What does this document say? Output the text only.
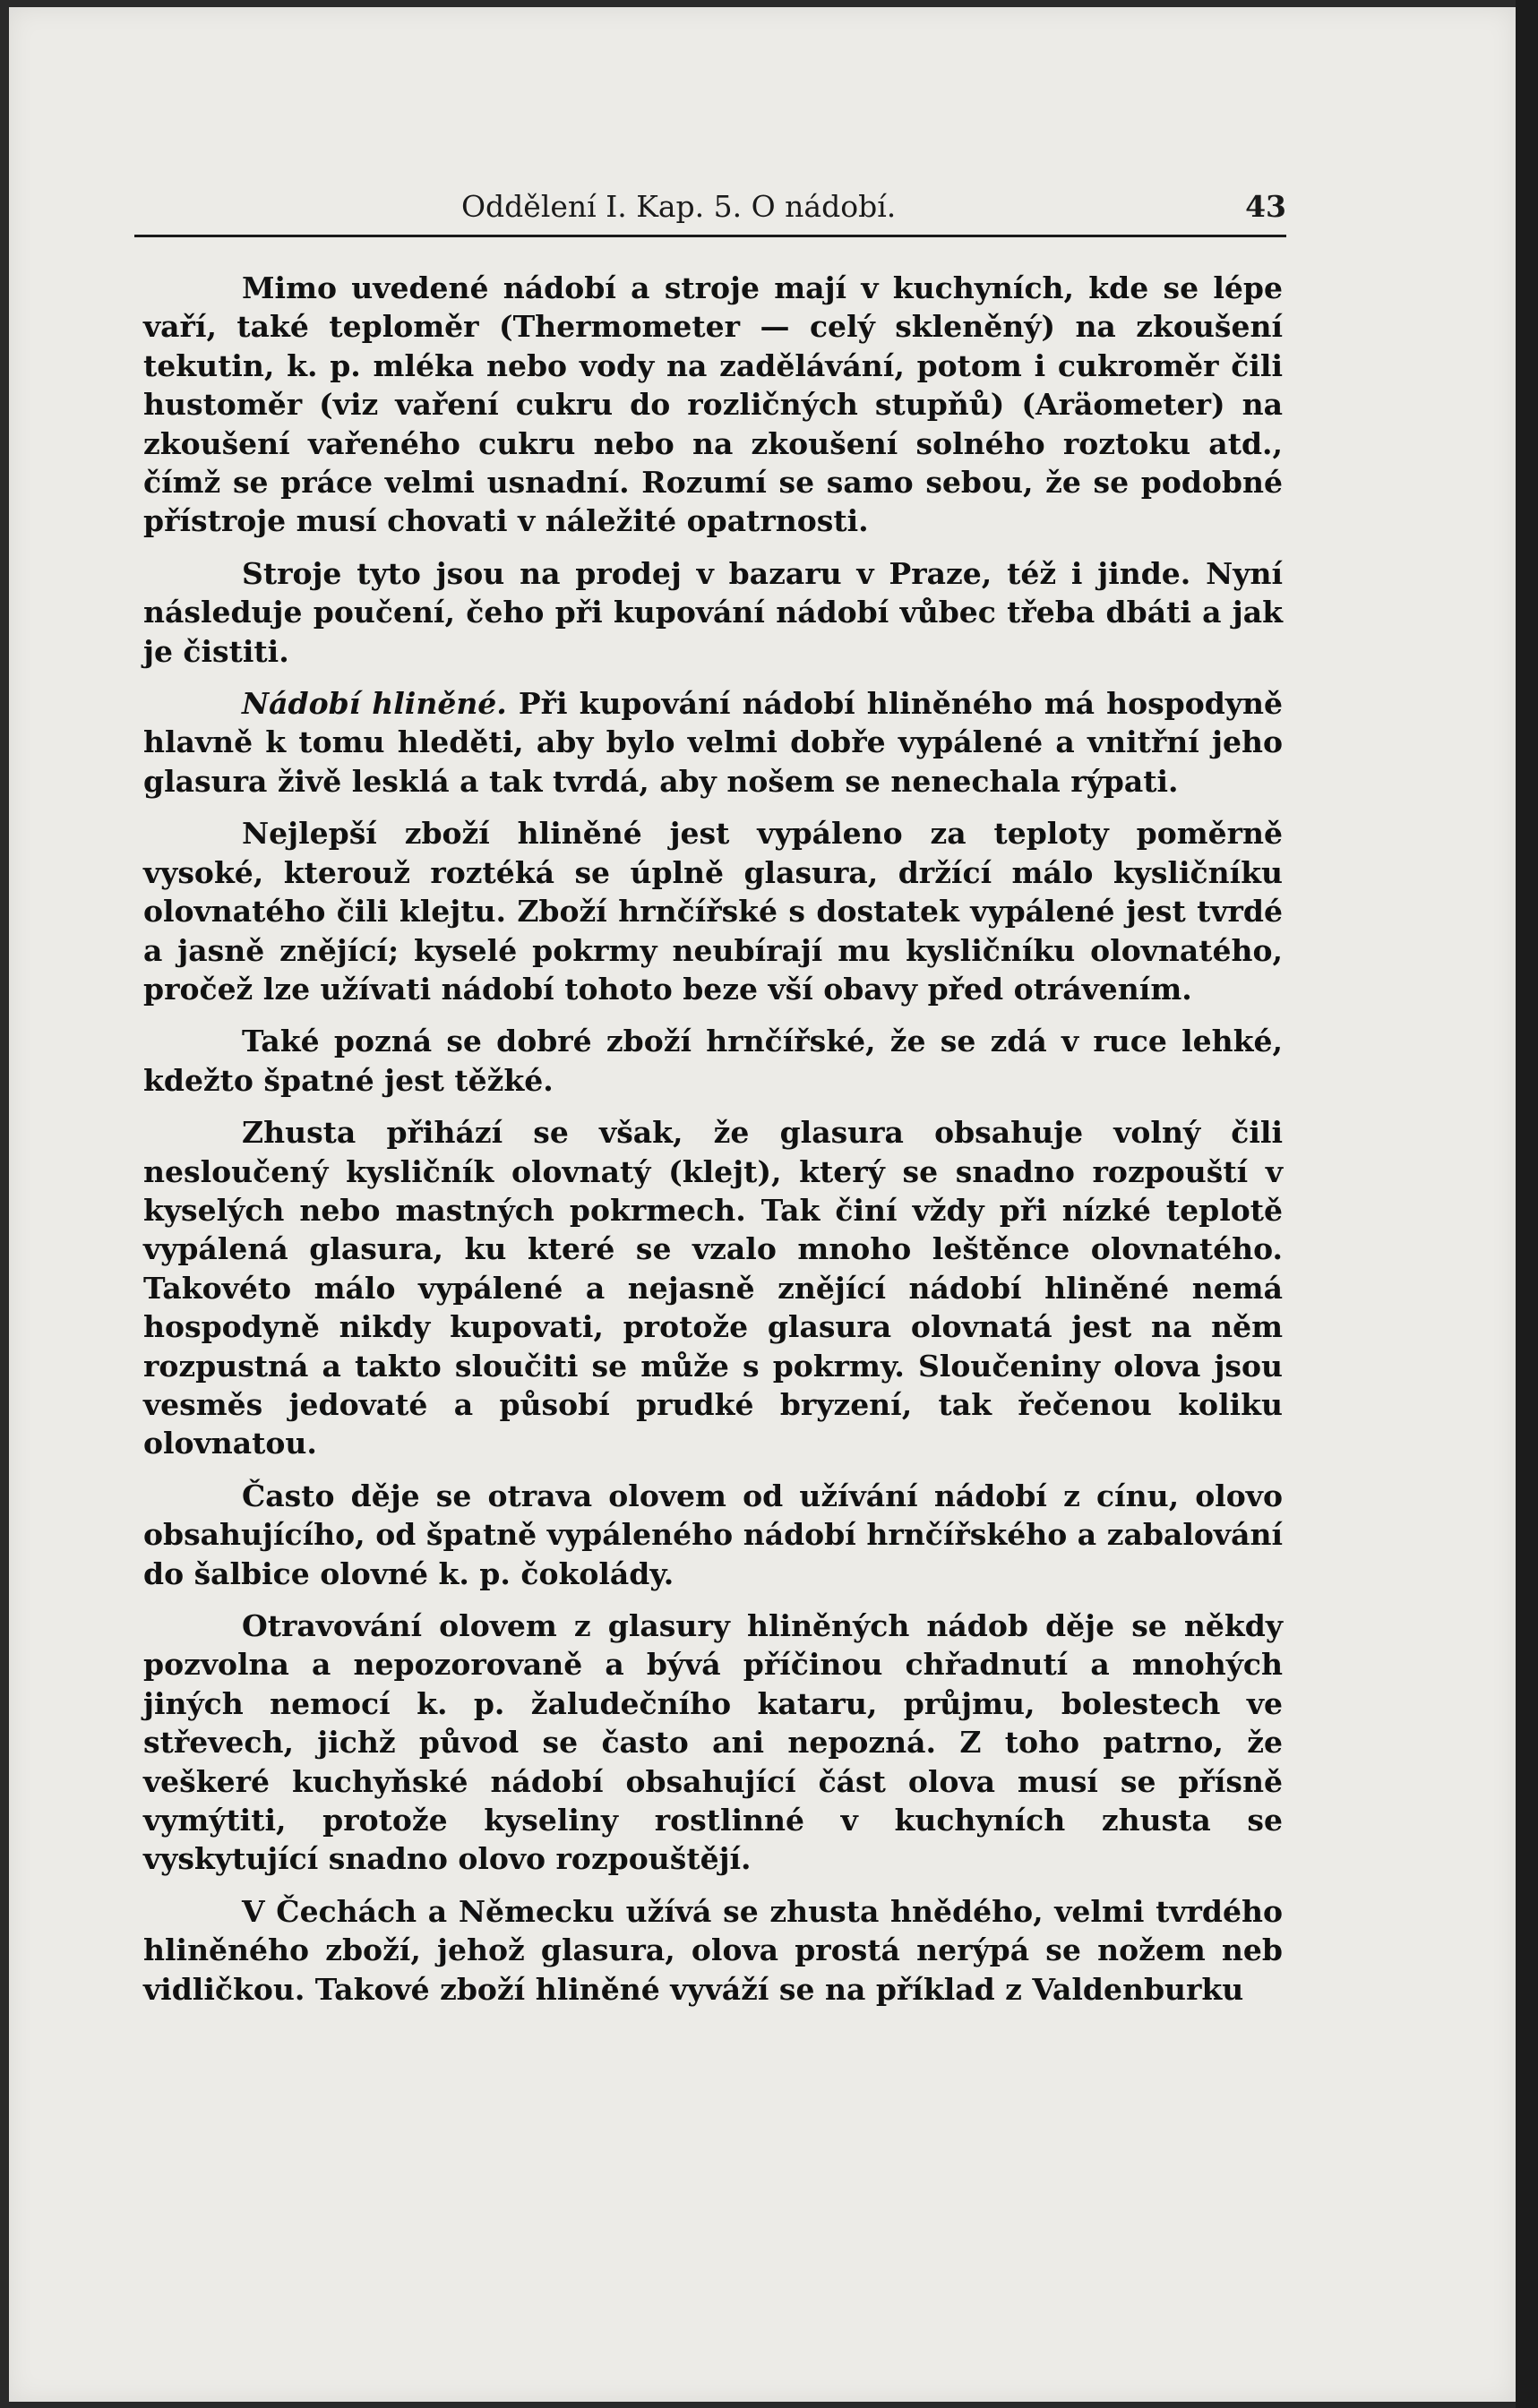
Oddělení I. Kap. 5. O nádobí.	43

Mimo uvedené nádobí a stroje mají v kuchyních, kde se lépe vaří, také teploměr (Thermometer — celý skleněný) na zkoušení tekutin, k. p. mléka nebo vody na zadělávání, potom i cukroměr čili hustoměr (viz vaření cukru do rozličných stupňů) (Aräometer) na zkoušení vařeného cukru nebo na zkoušení solného roztoku atd., čímž se práce velmi usnadní. Rozumí se samo sebou, že se podobné přístroje musí chovati v náležité opatrnosti.

Stroje tyto jsou na prodej v bazaru v Praze, též i jinde. Nyní následuje poučení, čeho při kupování nádobí vůbec třeba dbáti a jak je čistiti.

Nádobí hliněné. Při kupování nádobí hliněného má hospodyně hlavně k tomu hleděti, aby bylo velmi dobře vypálené a vnitřní jeho glasura živě lesklá a tak tvrdá, aby nošem se nenechala rýpati.

Nejlepší zboží hliněné jest vypáleno za teploty poměrně vysoké, kterouž roztéká se úplně glasura, držící málo kysličníku olovnatého čili klejtu. Zboží hrnčířské s dostatek vypálené jest tvrdé a jasně znějící; kyselé pokrmy neubírají mu kysličníku olovnatého, pročež lze užívati nádobí tohoto beze vší obavy před otrávením.

Také pozná se dobré zboží hrnčířské, že se zdá v ruce lehké, kdežto špatné jest těžké.

Zhusta přihází se však, že glasura obsahuje volný čili nesloučený kysličník olovnatý (klejt), který se snadno rozpouští v kyselých nebo mastných pokrmech. Tak činí vždy při nízké teplotě vypálená glasura, ku které se vzalo mnoho leštěnce olovnatého. Takovéto málo vypálené a nejasně znějící nádobí hliněné nemá hospodyně nikdy kupovati, protože glasura olovnatá jest na něm rozpustná a takto sloučiti se může s pokrmy. Sloučeniny olova jsou vesměs jedovaté a působí prudké bryzení, tak řečenou koliku olovnatou.

Často děje se otrava olovem od užívání nádobí z cínu, olovo obsahujícího, od špatně vypáleného nádobí hrnčířského a zabalování do šalbice olovné k. p. čokolády.

Otravování olovem z glasury hliněných nádob děje se někdy pozvolna a nepozorovaně a bývá příčinou chřadnutí a mnohých jiných nemocí k. p. žaludečního kataru, průjmu, bolestech ve střevech, jichž původ se často ani nepozná. Z toho patrno, že veškeré kuchyňské nádobí obsahující část olova musí se přísně vymýtiti, protože kyseliny rostlinné v kuchyních zhusta se vyskytující snadno olovo rozpouštějí.

V Čechách a Německu užívá se zhusta hnědého, velmi tvrdého hliněného zboží, jehož glasura, olova prostá nerýpá se nožem neb vidličkou. Takové zboží hliněné vyváží se na příklad z Valdenburku
